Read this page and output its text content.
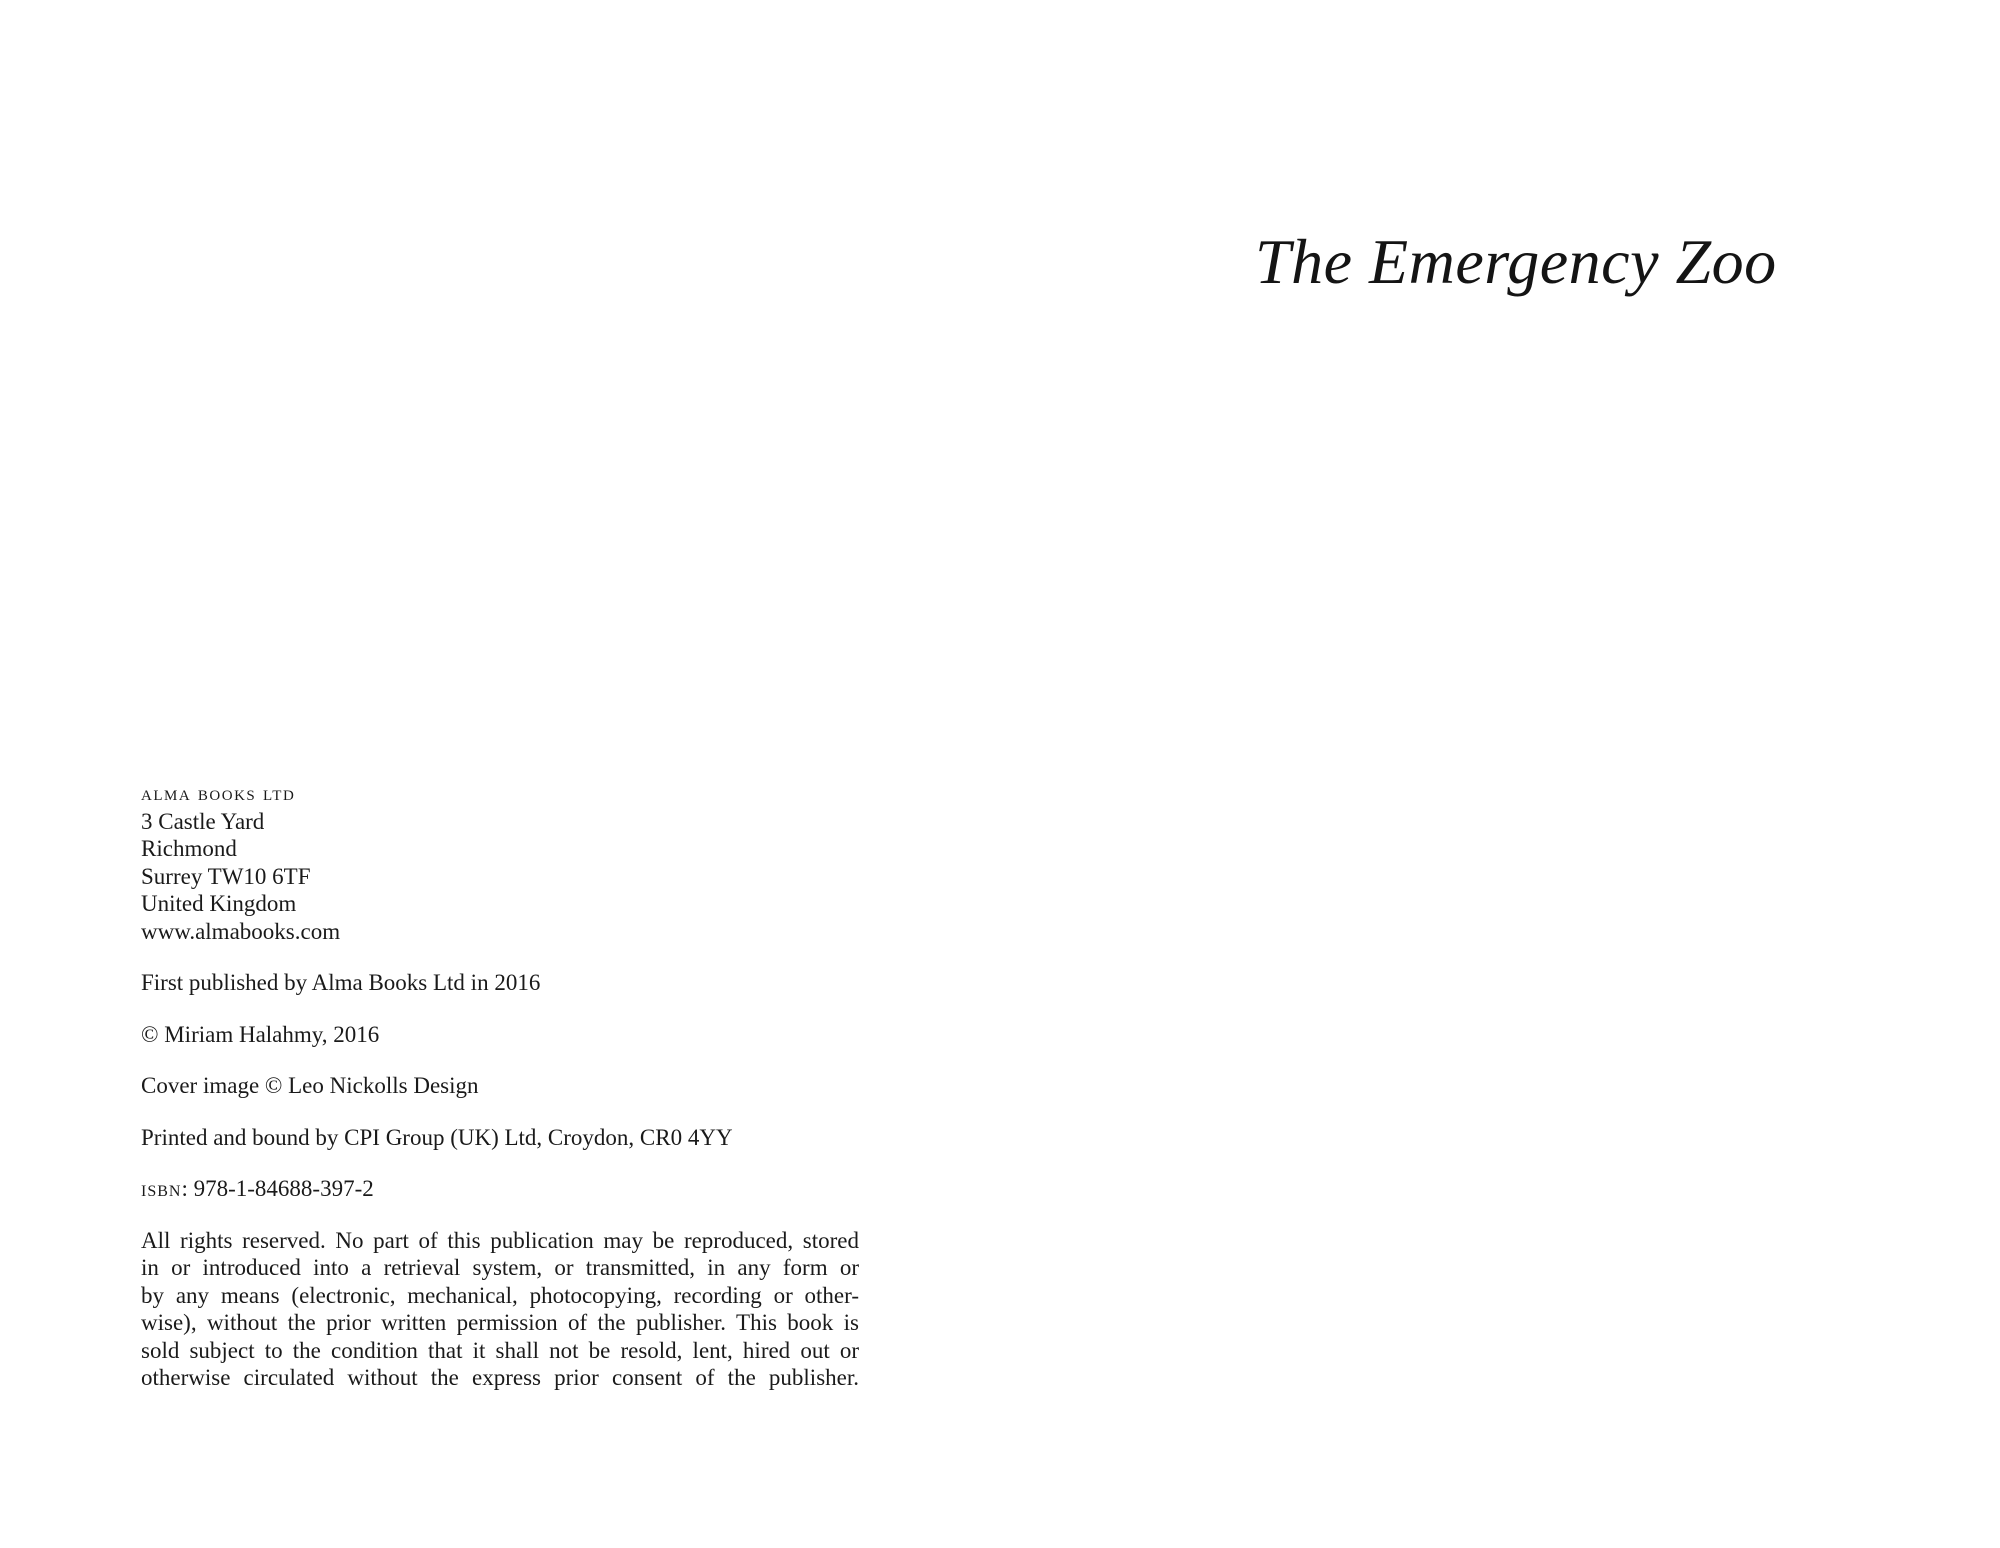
The Emergency Zoo
alma books ltd
3 Castle Yard
Richmond
Surrey TW10 6TF
United Kingdom
www.almabooks.com

First published by Alma Books Ltd in 2016

© Miriam Halahmy, 2016

Cover image © Leo Nickolls Design

Printed and bound by CPI Group (UK) Ltd, Croydon, CR0 4YY

isbn: 978-1-84688-397-2

All rights reserved. No part of this publication may be reproduced, stored
in or introduced into a retrieval system, or transmitted, in any form or
by any means (electronic, mechanical, photocopying, recording or other-
wise), without the prior written permission of the publisher. This book is
sold subject to the condition that it shall not be resold, lent, hired out or
otherwise circulated without the express prior consent of the publisher.
